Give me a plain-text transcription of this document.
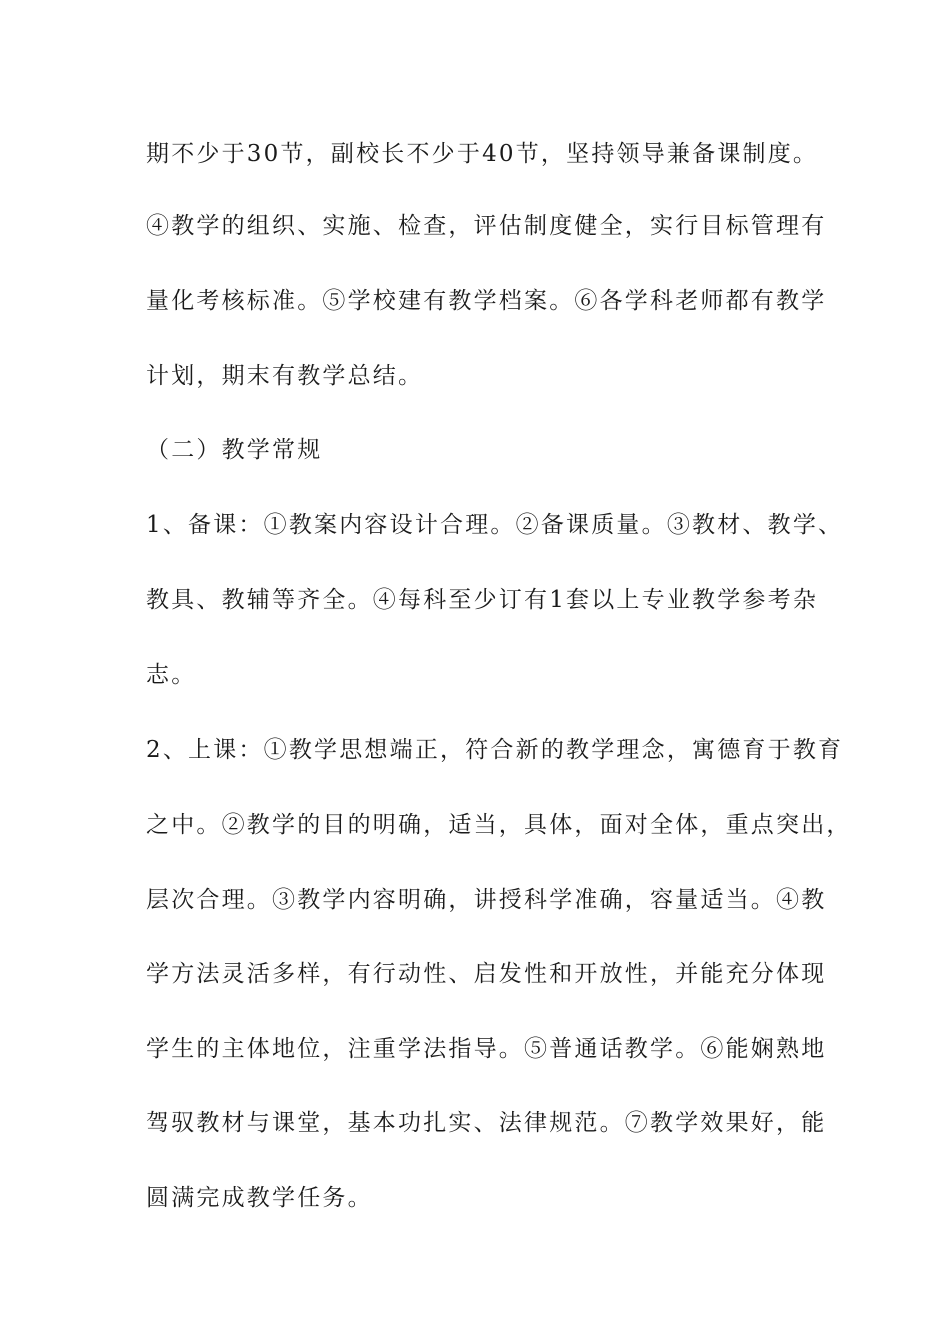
期不少于30节，副校长不少于40节，坚持领导兼备课制度。
④教学的组织、实施、检查，评估制度健全，实行目标管理有
量化考核标准。⑤学校建有教学档案。⑥各学科老师都有教学
计划，期末有教学总结。
（二）教学常规
1、备课：①教案内容设计合理。②备课质量。③教材、教学、
教具、教辅等齐全。④每科至少订有1套以上专业教学参考杂
志。
2、上课：①教学思想端正，符合新的教学理念，寓德育于教育
之中。②教学的目的明确，适当，具体，面对全体，重点突出，
层次合理。③教学内容明确，讲授科学准确，容量适当。④教
学方法灵活多样，有行动性、启发性和开放性，并能充分体现
学生的主体地位，注重学法指导。⑤普通话教学。⑥能娴熟地
驾驭教材与课堂，基本功扎实、法律规范。⑦教学效果好，能
圆满完成教学任务。
